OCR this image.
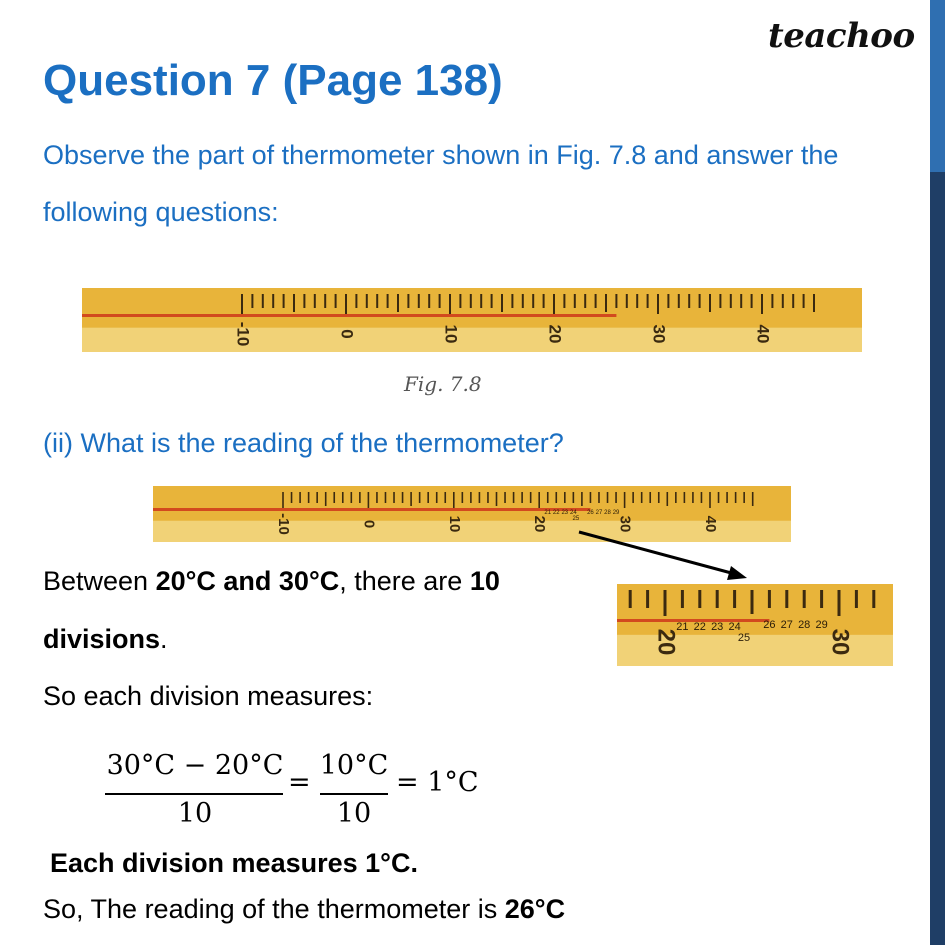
teachoo
Question 7 (Page 138)
Observe the part of thermometer shown in Fig. 7.8 and answer the
following questions:
-10	0	10	20	30	40
Fig. 7.8
(ii) What is the reading of the thermometer?
-10	0	10	20	30	40
21 22 23 24
25
26 27 28 29
20	30
21 22 23 24
25
26 27 28 29
Between 20°C and 30°C, there are 10
divisions.
So each division measures:
30°C − 20°C
10
=
10°C
10
= 1°C
Each division measures 1°C.
So, The reading of the thermometer is 26°C
